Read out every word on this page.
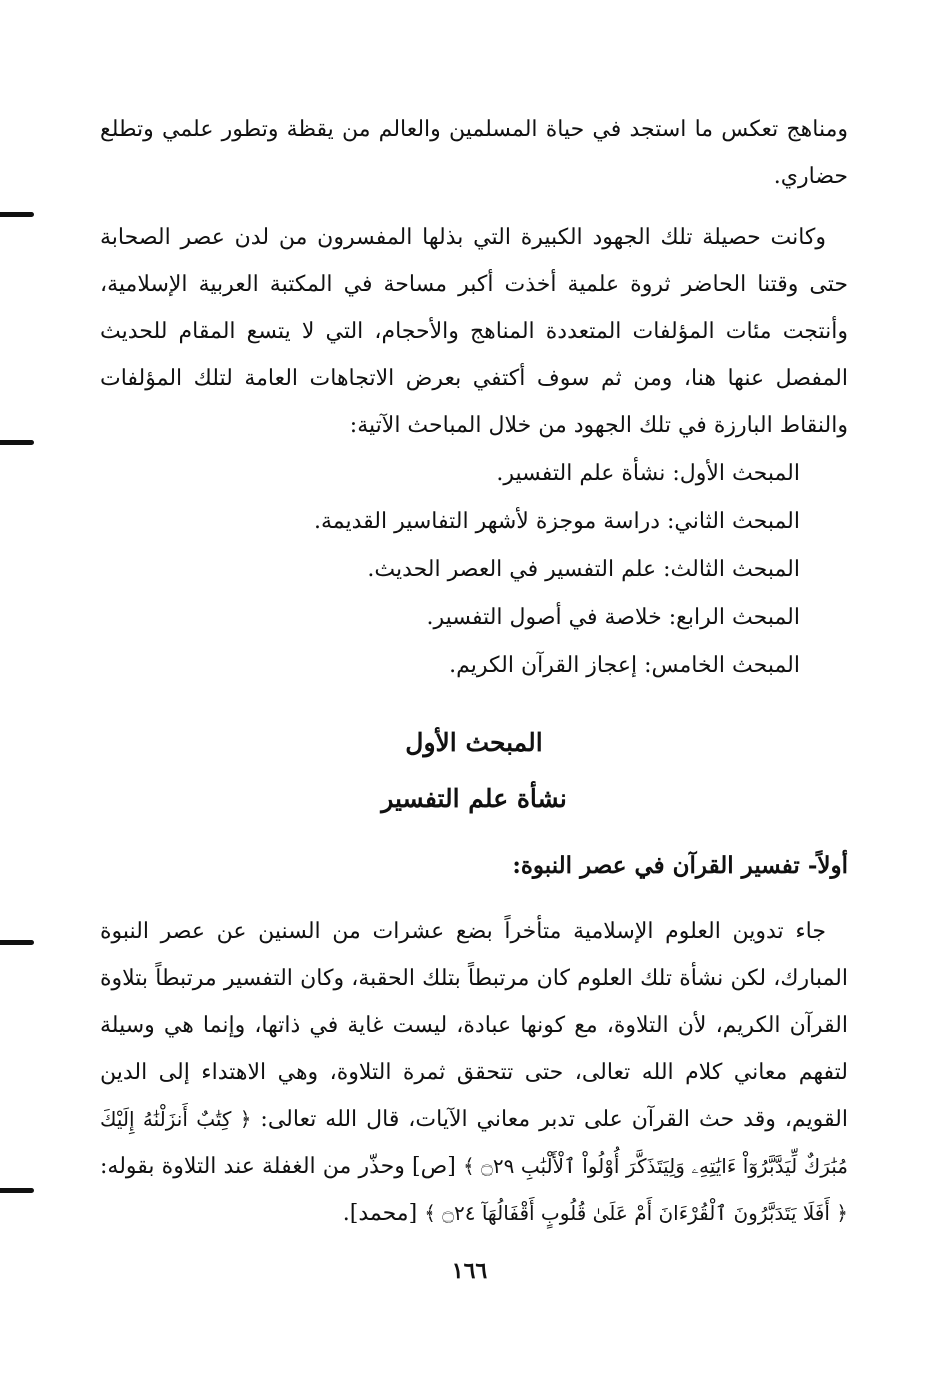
ومناهج تعكس ما استجد في حياة المسلمين والعالم من يقظة وتطور علمي وتطلع حضاري.

وكانت حصيلة تلك الجهود الكبيرة التي بذلها المفسرون من لدن عصر الصحابة حتى وقتنا الحاضر ثروة علمية أخذت أكبر مساحة في المكتبة العربية الإسلامية، وأنتجت مئات المؤلفات المتعددة المناهج والأحجام، التي لا يتسع المقام للحديث المفصل عنها هنا، ومن ثم سوف أكتفي بعرض الاتجاهات العامة لتلك المؤلفات والنقاط البارزة في تلك الجهود من خلال المباحث الآتية:

المبحث الأول: نشأة علم التفسير.
المبحث الثاني: دراسة موجزة لأشهر التفاسير القديمة.
المبحث الثالث: علم التفسير في العصر الحديث.
المبحث الرابع: خلاصة في أصول التفسير.
المبحث الخامس: إعجاز القرآن الكريم.
المبحث الأول
نشأة علم التفسير
أولاً- تفسير القرآن في عصر النبوة:

جاء تدوين العلوم الإسلامية متأخراً بضع عشرات من السنين عن عصر النبوة المبارك، لكن نشأة تلك العلوم كان مرتبطاً بتلك الحقبة، وكان التفسير مرتبطاً بتلاوة القرآن الكريم، لأن التلاوة، مع كونها عبادة، ليست غاية في ذاتها، وإنما هي وسيلة لتفهم معاني كلام الله تعالى، حتى تتحقق ثمرة التلاوة، وهي الاهتداء إلى الدين القويم، وقد حث القرآن على تدبر معاني الآيات، قال الله تعالى: ﴿ كِتَٰبٌ أَنزَلْنَٰهُ إِلَيْكَ مُبَٰرَكٌ لِّيَدَّبَّرُوٓاْ ءَايَٰتِهِۦ وَلِيَتَذَكَّرَ أُوْلُواْ ٱلْأَلْبَٰبِ ۝٢٩ ﴾ [ص] وحذّر من الغفلة عند التلاوة بقوله: ﴿ أَفَلَا يَتَدَبَّرُونَ ٱلْقُرْءَانَ أَمْ عَلَىٰ قُلُوبٍ أَقْفَالُهَآ ۝٢٤ ﴾ [محمد].

١٦٦
